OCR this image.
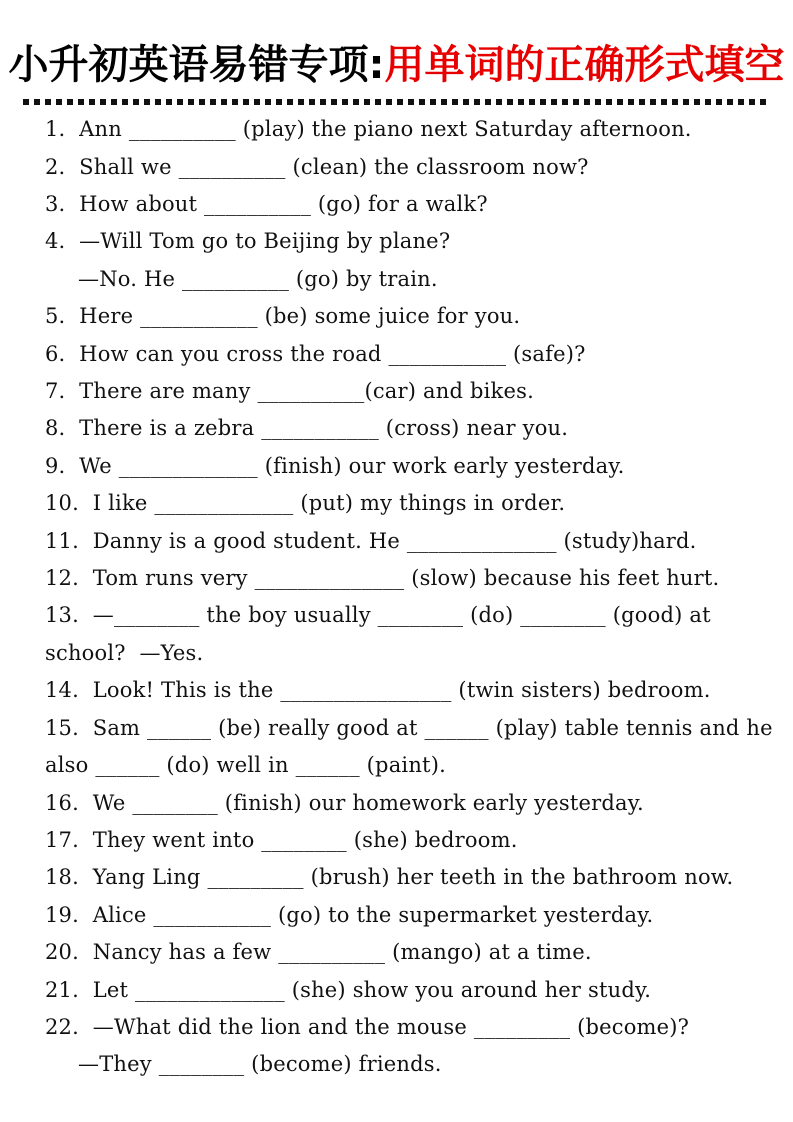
小升初英语易错专项:用单词的正确形式填空
1.  Ann __________ (play) the piano next Saturday afternoon.
2.  Shall we __________ (clean) the classroom now?
3.  How about __________ (go) for a walk?
4.  —Will Tom go to Beijing by plane?
—No. He __________ (go) by train.
5.  Here ___________ (be) some juice for you.
6.  How can you cross the road ___________ (safe)?
7.  There are many __________(car) and bikes.
8.  There is a zebra ___________ (cross) near you.
9.  We _____________ (finish) our work early yesterday.
10.  I like _____________ (put) my things in order.
11.  Danny is a good student. He ______________ (study)hard.
12.  Tom runs very ______________ (slow) because his feet hurt.
13.  —________ the boy usually ________ (do) ________ (good) at
school?  —Yes.
14.  Look! This is the ________________ (twin sisters) bedroom.
15.  Sam ______ (be) really good at ______ (play) table tennis and he
also ______ (do) well in ______ (paint).
16.  We ________ (finish) our homework early yesterday.
17.  They went into ________ (she) bedroom.
18.  Yang Ling _________ (brush) her teeth in the bathroom now.
19.  Alice ___________ (go) to the supermarket yesterday.
20.  Nancy has a few __________ (mango) at a time.
21.  Let ______________ (she) show you around her study.
22.  —What did the lion and the mouse _________ (become)?
—They ________ (become) friends.
